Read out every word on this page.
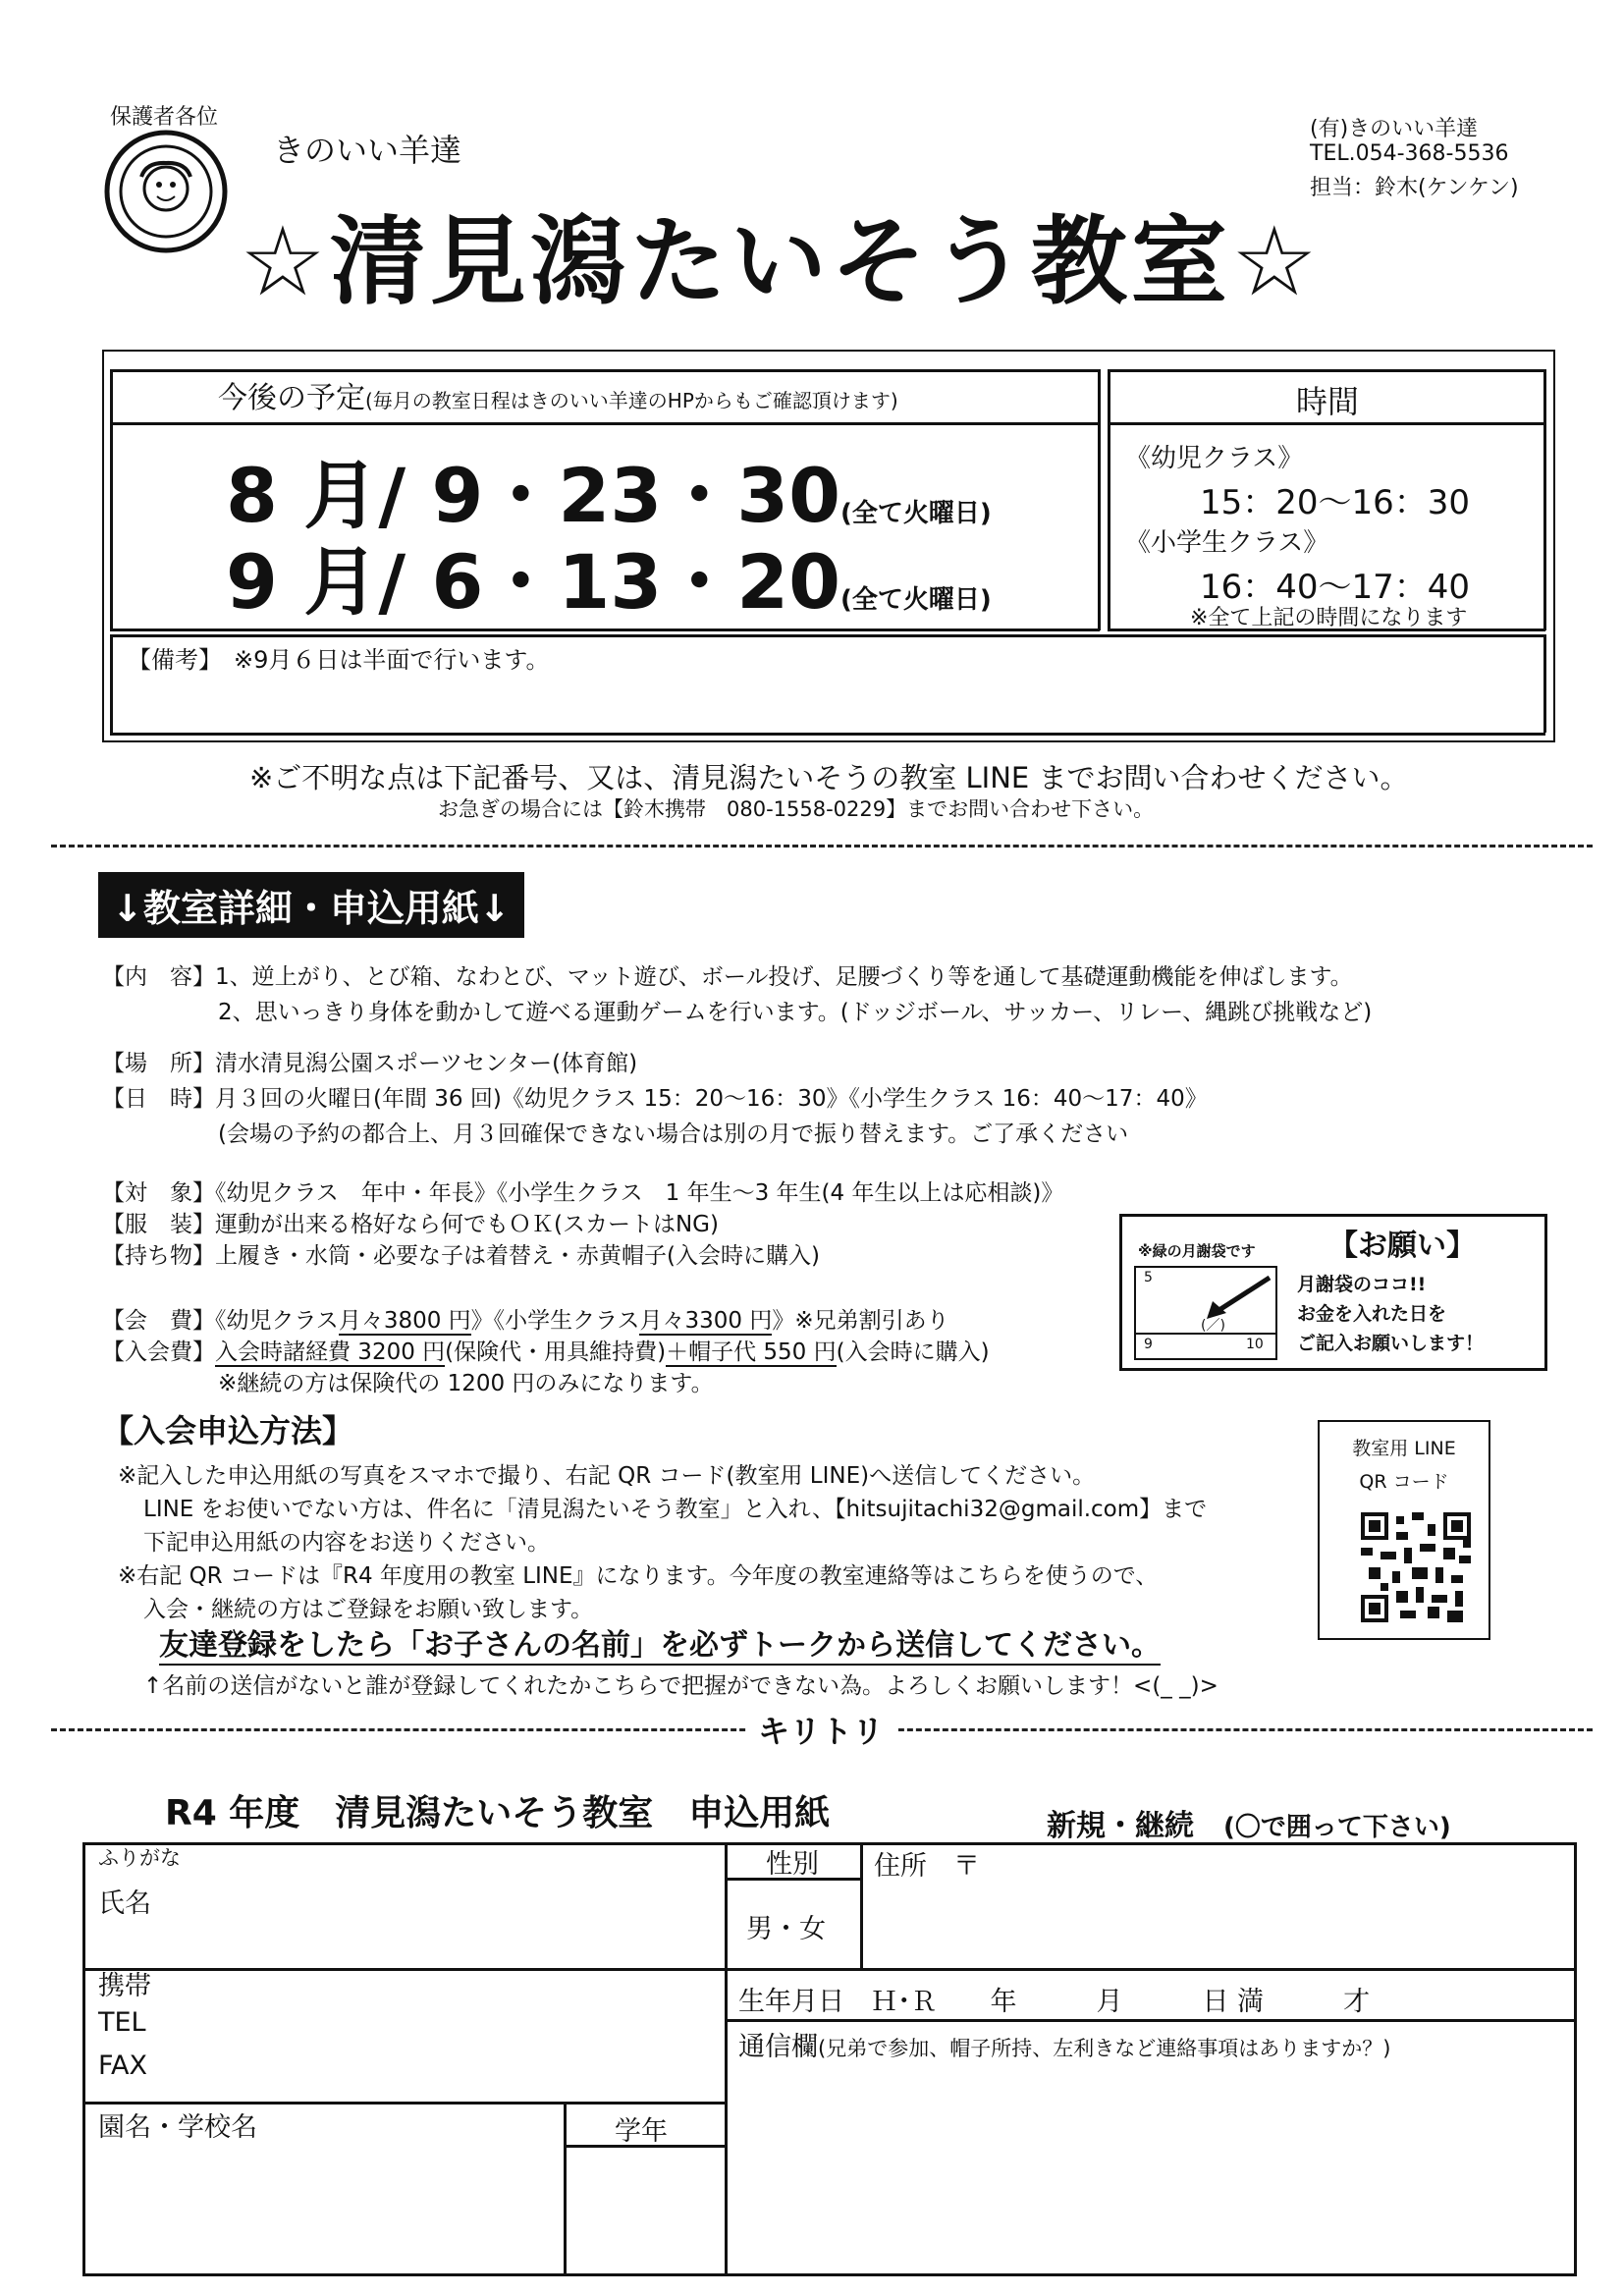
保護者各位
きのいい羊達
☆清見潟たいそう教室☆
(有)きのいい羊達
TEL.054-368-5536
担当：鈴木(ケンケン)
今後の予定(毎月の教室日程はきのいい羊達のHPからもご確認頂けます)	時間
8 月/ 9・23・30(全て火曜日)
9 月/ 6・13・20(全て火曜日)
《幼児クラス》
15：20〜16：30
《小学生クラス》
16：40〜17：40
※全て上記の時間になります
【備考】　 ※9月６日は半面で行います。
※ご不明な点は下記番号、又は、清見潟たいそうの教室 LINE までお問い合わせください。
お急ぎの場合には【鈴木携帯　080-1558-0229】までお問い合わせ下さい。
↓教室詳細・申込用紙↓
【内　容】1、逆上がり、とび箱、なわとび、マット遊び、ボール投げ、足腰づくり等を通して基礎運動機能を伸ばします。
2、思いっきり身体を動かして遊べる運動ゲームを行います。(ドッジボール、サッカー、リレー、縄跳び挑戦など)
【場　所】清水清見潟公園スポーツセンター(体育館)
【日　時】月３回の火曜日(年間 36 回)《幼児クラス 15：20〜16：30》《小学生クラス 16：40〜17：40》
(会場の予約の都合上、月３回確保できない場合は別の月で振り替えます。ご了承ください
【対　象】《幼児クラス　年中・年長》《小学生クラス　1 年生〜3 年生(4 年生以上は応相談)》
【服　装】運動が出来る格好なら何でもＯＫ(スカートはNG)
【持ち物】上履き・水筒・必要な子は着替え・赤黄帽子(入会時に購入)
【会　費】《幼児クラス月々3800 円》《小学生クラス月々3300 円》※兄弟割引あり
【入会費】入会時諸経費 3200 円(保険代・用具維持費)＋帽子代 550 円(入会時に購入)
※継続の方は保険代の 1200 円のみになります。
※緑の月謝袋です
5
9	10
(／)
【お願い】
月謝袋のココ!!
お金を入れた日を
ご記入お願いします！
【入会申込方法】
※記入した申込用紙の写真をスマホで撮り、右記 QR コード(教室用 LINE)へ送信してください。
LINE をお使いでない方は、件名に「清見潟たいそう教室」と入れ、【hitsujitachi32@gmail.com】まで
下記申込用紙の内容をお送りください。
※右記 QR コードは『R4 年度用の教室 LINE』になります。今年度の教室連絡等はこちらを使うので、
入会・継続の方はご登録をお願い致します。
友達登録をしたら「お子さんの名前」を必ずトークから送信してください。
↑名前の送信がないと誰が登録してくれたかこちらで把握ができない為。よろしくお願いします！<(_ _)>
教室用 LINE
QR コード
キリトリ
R4 年度　清見潟たいそう教室　申込用紙	新規・継続　 (〇で囲って下さい)
ふりがな
氏名
性別
男・女
住所　〒
携帯
TEL
FAX
生年月日　Ｈ･Ｒ　　年　　　月　　　日 満　　　才
通信欄(兄弟で参加、帽子所持、左利きなど連絡事項はありますか？)
園名・学校名	学年
